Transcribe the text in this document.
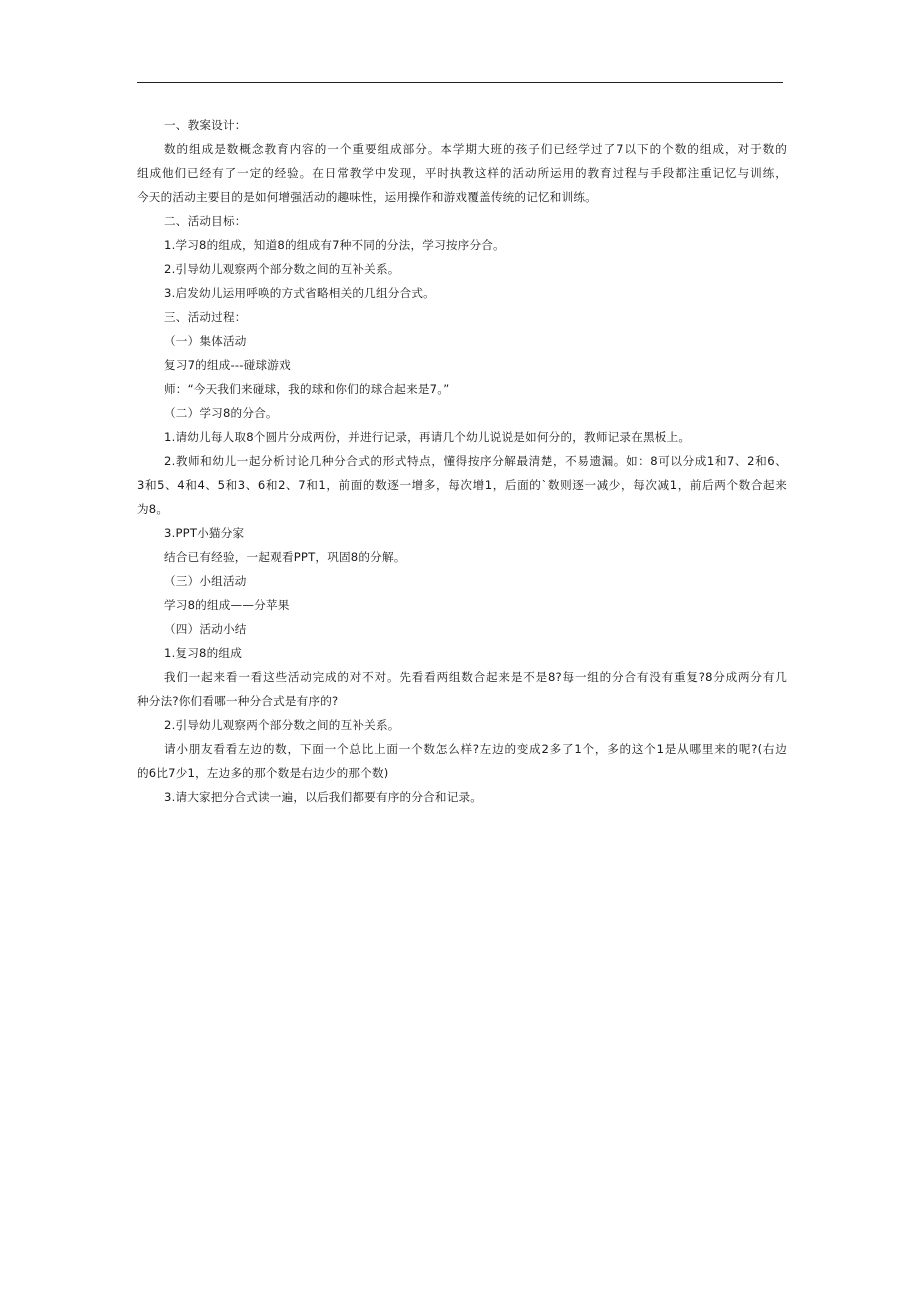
一、教案设计：
数的组成是数概念教育内容的一个重要组成部分。本学期大班的孩子们已经学过了7以下的个数的组成，对于数的
组成他们已经有了一定的经验。在日常教学中发现，平时执教这样的活动所运用的教育过程与手段都注重记忆与训练，
今天的活动主要目的是如何增强活动的趣味性，运用操作和游戏覆盖传统的记忆和训练。
二、活动目标：
1.学习8的组成，知道8的组成有7种不同的分法，学习按序分合。
2.引导幼儿观察两个部分数之间的互补关系。
3.启发幼儿运用呼唤的方式省略相关的几组分合式。
三、活动过程：
（一）集体活动
复习7的组成---碰球游戏
师：“今天我们来碰球，我的球和你们的球合起来是7。”
（二）学习8的分合。
1.请幼儿每人取8个圆片分成两份，并进行记录，再请几个幼儿说说是如何分的，教师记录在黑板上。
2.教师和幼儿一起分析讨论几种分合式的形式特点，懂得按序分解最清楚，不易遗漏。如：8可以分成1和7、2和6、
3和5、4和4、5和3、6和2、7和1，前面的数逐一增多，每次增1，后面的`数则逐一减少，每次减1，前后两个数合起来
为8。
3.PPT小猫分家
结合已有经验，一起观看PPT，巩固8的分解。
（三）小组活动
学习8的组成——分苹果
（四）活动小结
1.复习8的组成
我们一起来看一看这些活动完成的对不对。先看看两组数合起来是不是8?每一组的分合有没有重复?8分成两分有几
种分法?你们看哪一种分合式是有序的?
2.引导幼儿观察两个部分数之间的互补关系。
请小朋友看看左边的数，下面一个总比上面一个数怎么样?左边的变成2多了1个，多的这个1是从哪里来的呢?(右边
的6比7少1，左边多的那个数是右边少的那个数)
3.请大家把分合式读一遍，以后我们都要有序的分合和记录。
